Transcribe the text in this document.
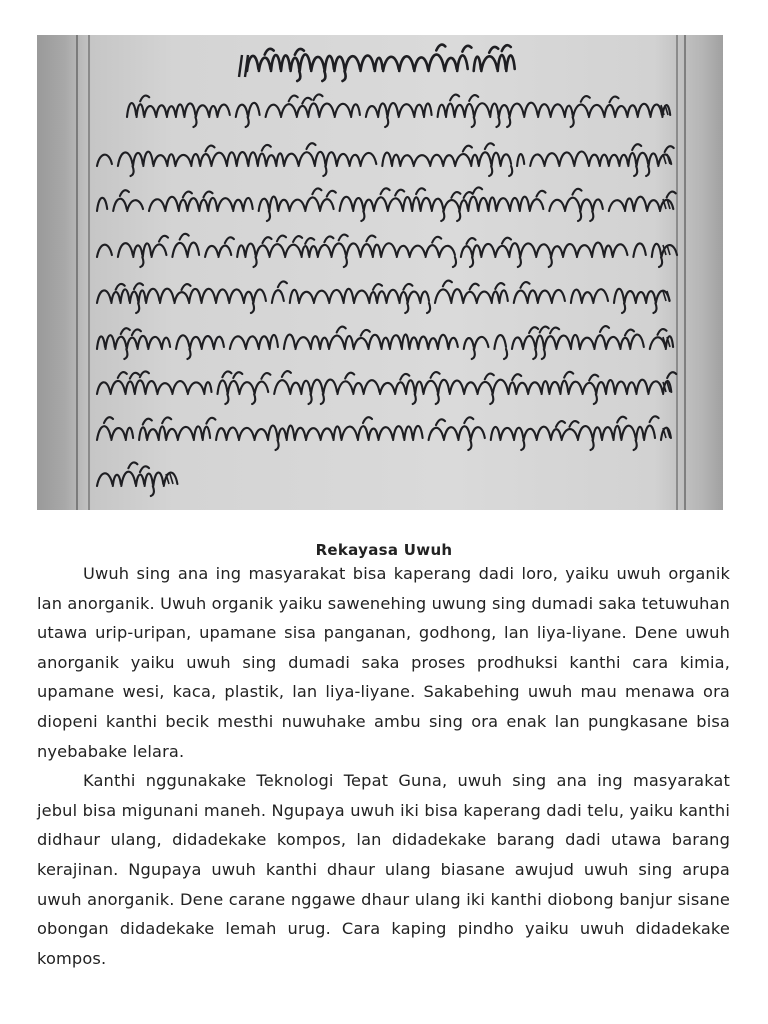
Rekayasa Uwuh

Uwuh sing ana ing masyarakat bisa kaperang dadi loro, yaiku uwuh organik lan anorganik. Uwuh organik yaiku sawenehing uwung sing dumadi saka tetuwuhan utawa urip-uripan, upamane sisa panganan, godhong, lan liya-liyane. Dene uwuh anorganik yaiku uwuh sing dumadi saka proses prodhuksi kanthi cara kimia, upamane wesi, kaca, plastik, lan liya-liyane. Sakabehing uwuh mau menawa ora diopeni kanthi becik mesthi nuwuhake ambu sing ora enak lan pungkasane bisa nyebabake lelara.

Kanthi nggunakake Teknologi Tepat Guna, uwuh sing ana ing masyarakat jebul bisa migunani maneh. Ngupaya uwuh iki bisa kaperang dadi telu, yaiku kanthi didhaur ulang, didadekake kompos, lan didadekake barang dadi utawa barang kerajinan. Ngupaya uwuh kanthi dhaur ulang biasane awujud uwuh sing arupa uwuh anorganik. Dene carane nggawe dhaur ulang iki kanthi diobong banjur sisane obongan didadekake lemah urug. Cara kaping pindho yaiku uwuh didadekake kompos.
